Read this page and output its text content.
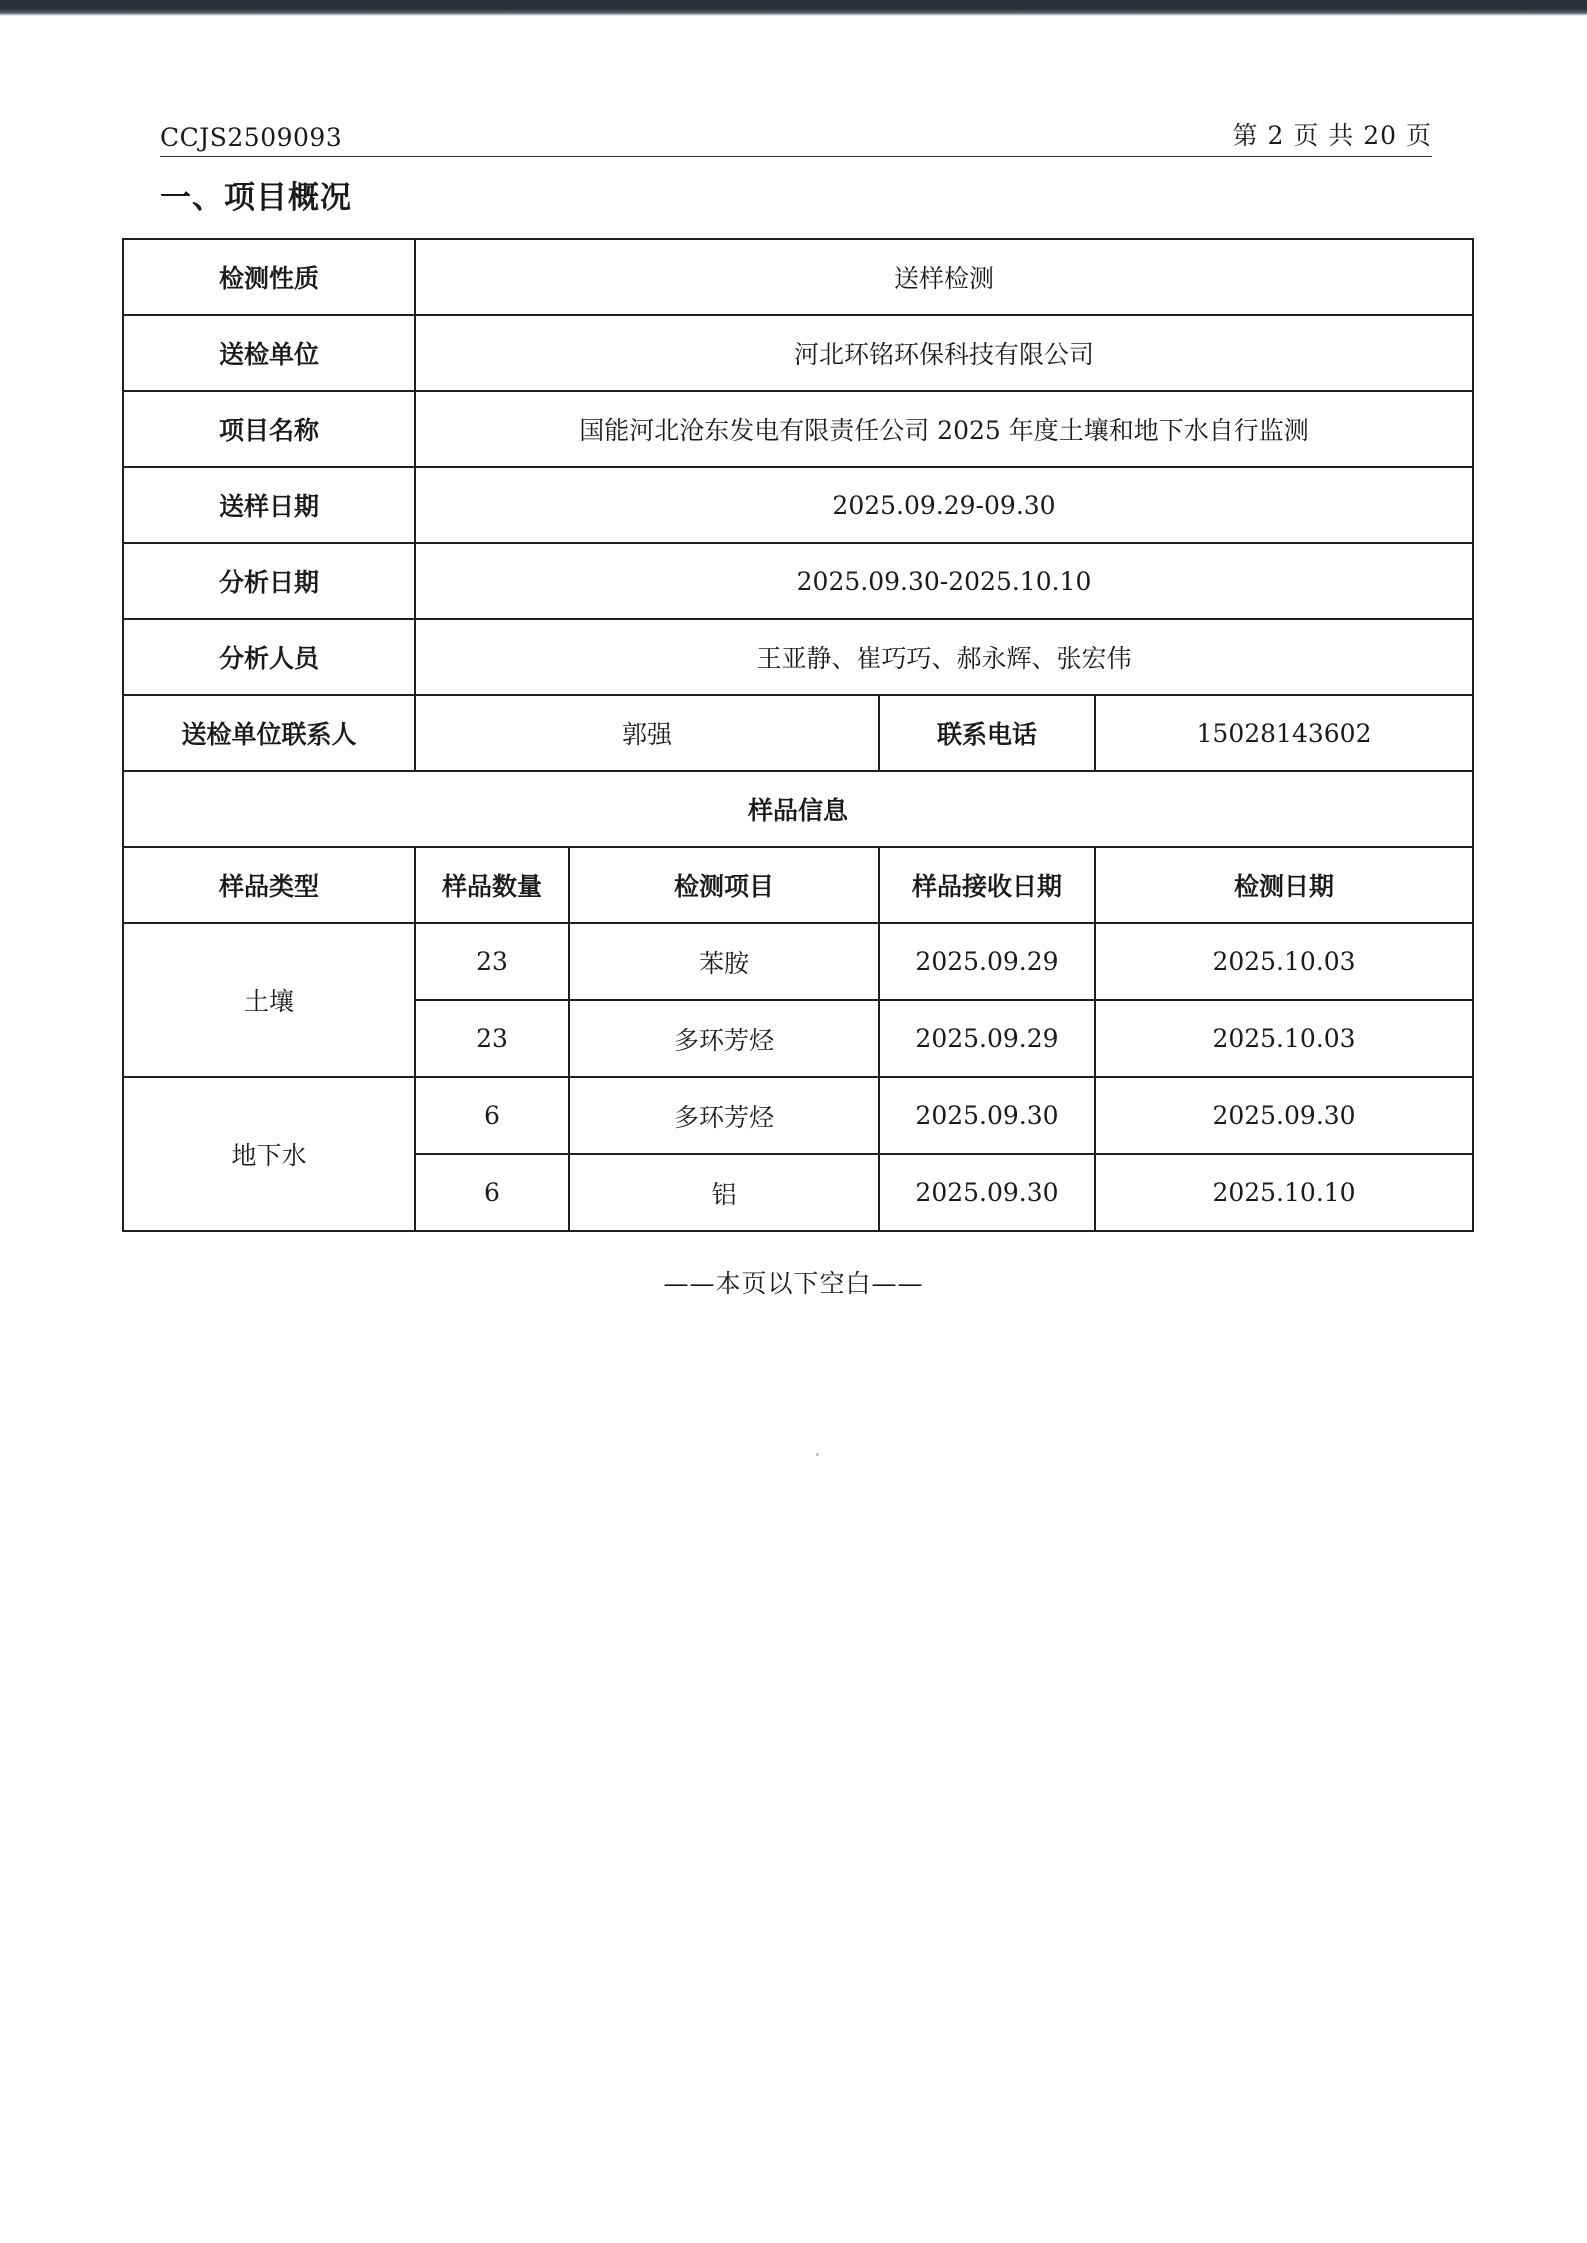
CCJS2509093	第 2 页 共 20 页
一、项目概况
检测性质	送样检测			
送检单位	河北环铭环保科技有限公司			
项目名称	国能河北沧东发电有限责任公司 2025 年度土壤和地下水自行监测			
送样日期	2025.09.29-09.30			
分析日期	2025.09.30-2025.10.10			
分析人员	王亚静、崔巧巧、郝永辉、张宏伟			
送检单位联系人	郭强		联系电话	15028143602
样品信息				
样品类型	样品数量	检测项目	样品接收日期	检测日期
土壤	23	苯胺	2025.09.29	2025.10.03
	23	多环芳烃	2025.09.29	2025.10.03
地下水	6	多环芳烃	2025.09.30	2025.09.30
	6	铝	2025.09.30	2025.10.10
——本页以下空白——
